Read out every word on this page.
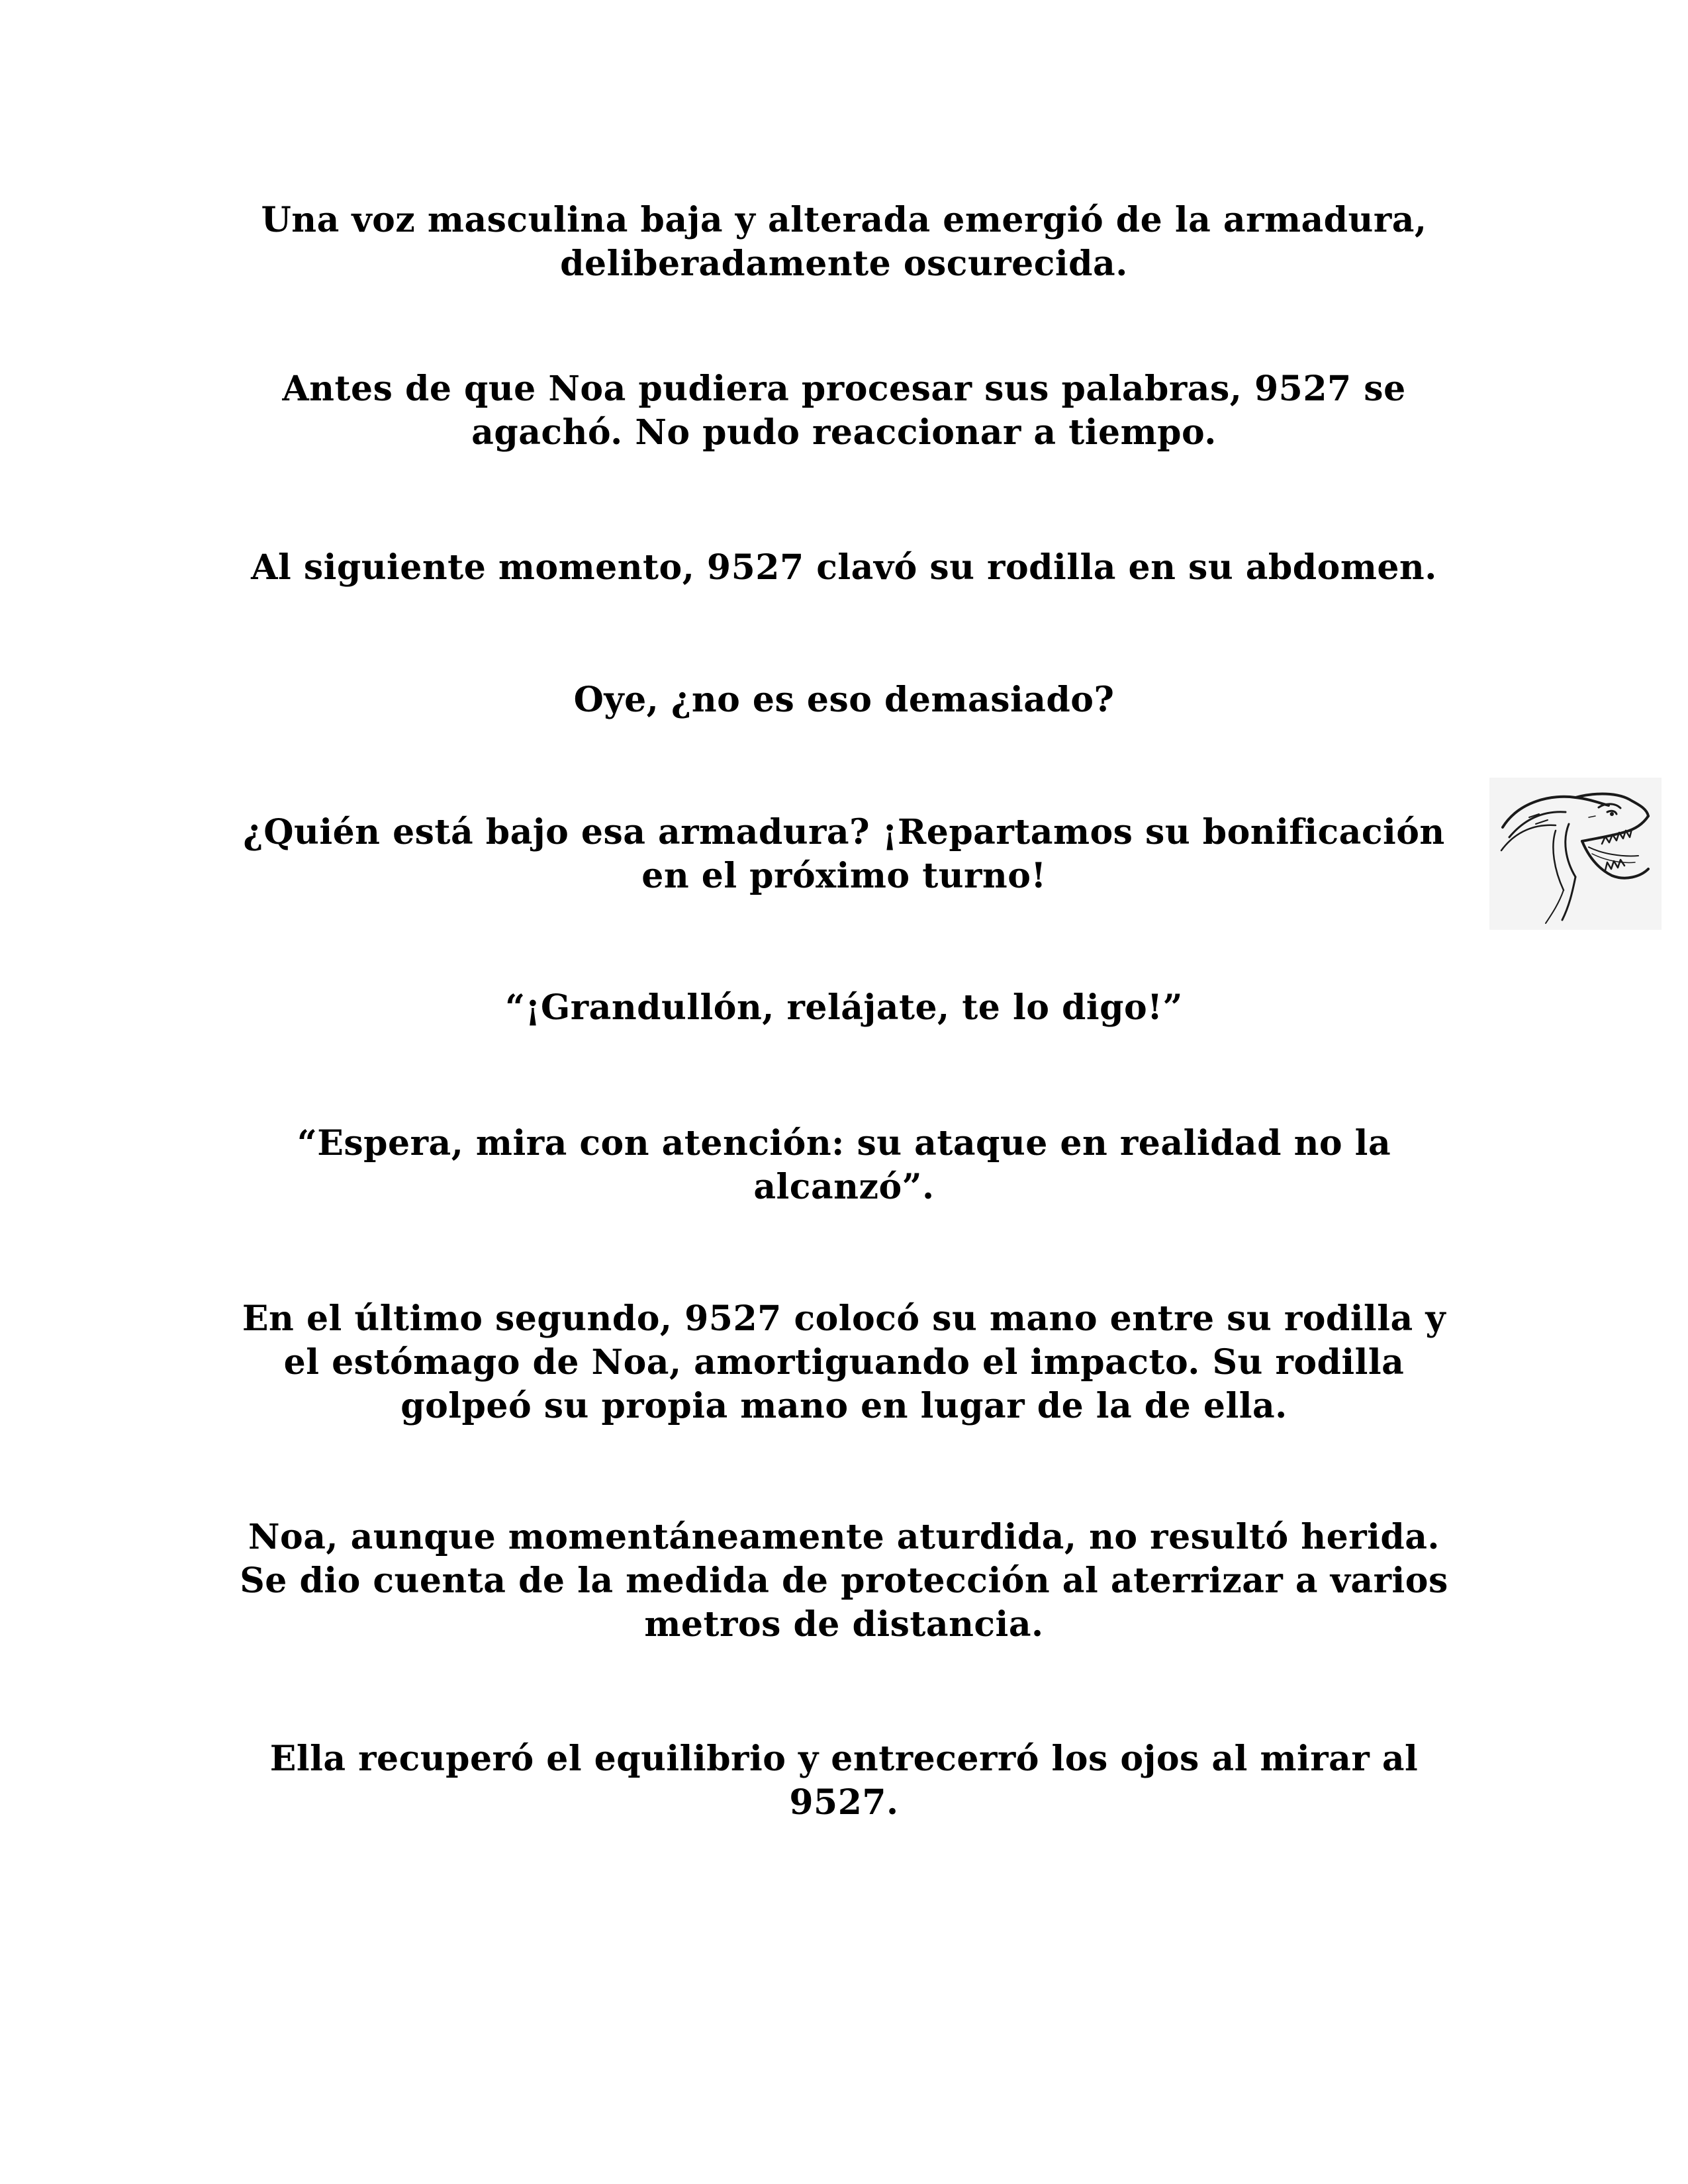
Una voz masculina baja y alterada emergió de la armadura,
deliberadamente oscurecida.

Antes de que Noa pudiera procesar sus palabras, 9527 se
agachó. No pudo reaccionar a tiempo.

Al siguiente momento, 9527 clavó su rodilla en su abdomen.

Oye, ¿no es eso demasiado?

¿Quién está bajo esa armadura? ¡Repartamos su bonificación
en el próximo turno!

“¡Grandullón, relájate, te lo digo!”

“Espera, mira con atención: su ataque en realidad no la
alcanzó”.

En el último segundo, 9527 colocó su mano entre su rodilla y
el estómago de Noa, amortiguando el impacto. Su rodilla
golpeó su propia mano en lugar de la de ella.

Noa, aunque momentáneamente aturdida, no resultó herida.
Se dio cuenta de la medida de protección al aterrizar a varios
metros de distancia.

Ella recuperó el equilibrio y entrecerró los ojos al mirar al
9527.
